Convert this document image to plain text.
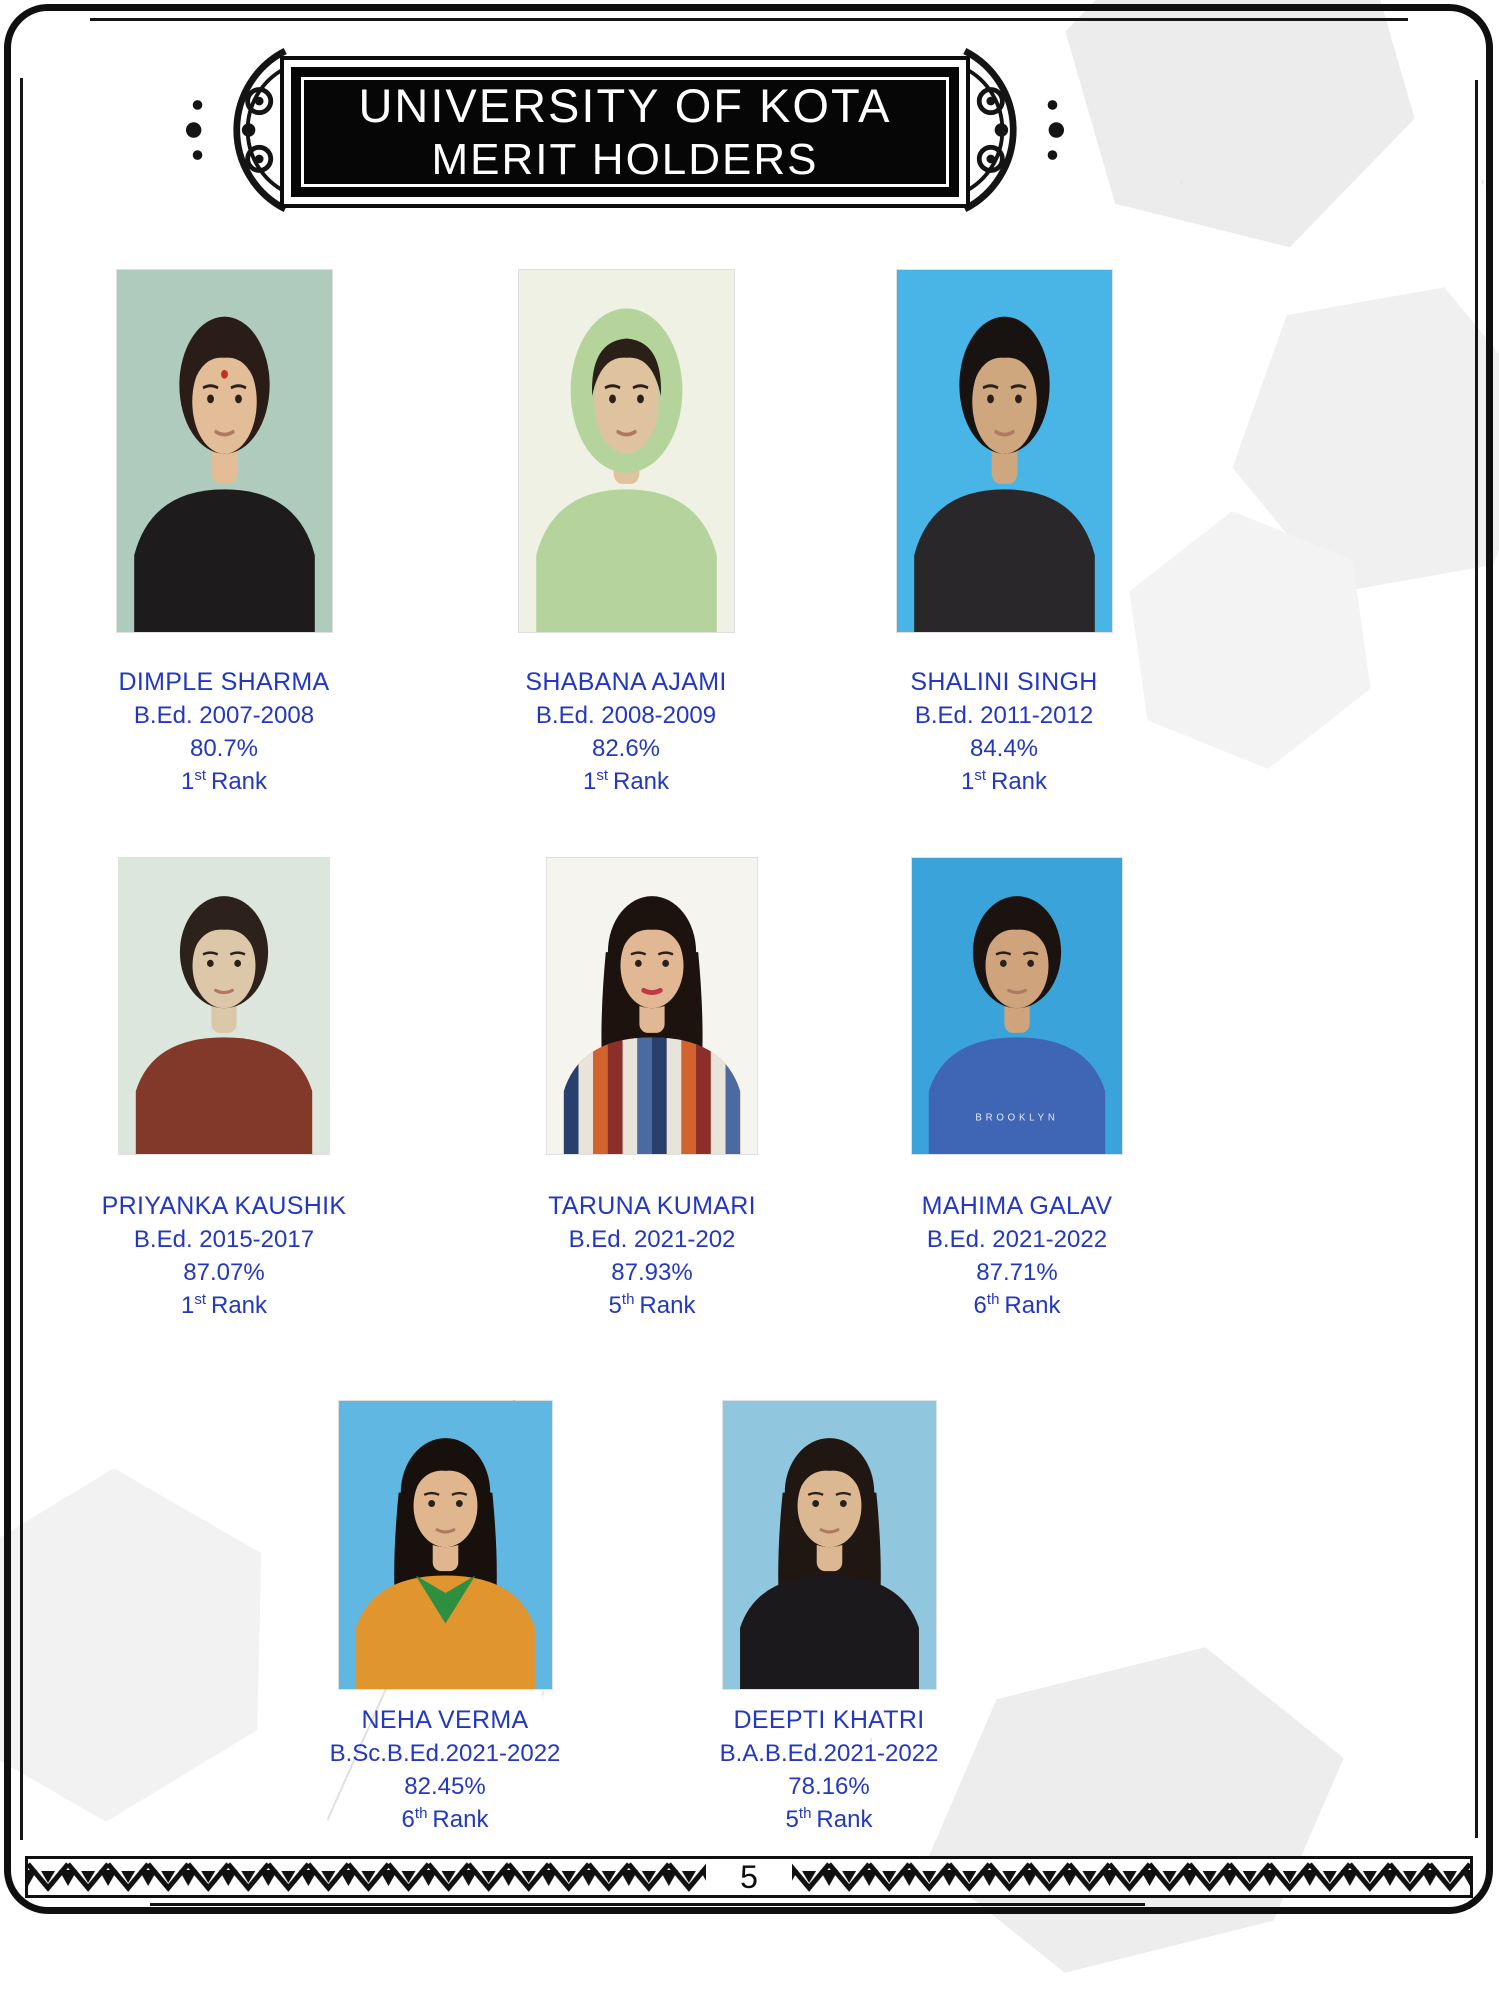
UNIVERSITY OF KOTA
MERIT HOLDERS
DIMPLE SHARMA
B.Ed. 2007-2008
80.7%
1st Rank
SHABANA AJAMI
B.Ed. 2008-2009
82.6%
1st Rank
SHALINI SINGH
B.Ed. 2011-2012
84.4%
1st Rank
PRIYANKA KAUSHIK
B.Ed. 2015-2017
87.07%
1st Rank
TARUNA KUMARI
B.Ed. 2021-202
87.93%
5th Rank
BROOKLYN
MAHIMA GALAV
B.Ed. 2021-2022
87.71%
6th Rank
NEHA VERMA
B.Sc.B.Ed.2021-2022
82.45%
6th Rank
DEEPTI KHATRI
B.A.B.Ed.2021-2022
78.16%
5th Rank
5
